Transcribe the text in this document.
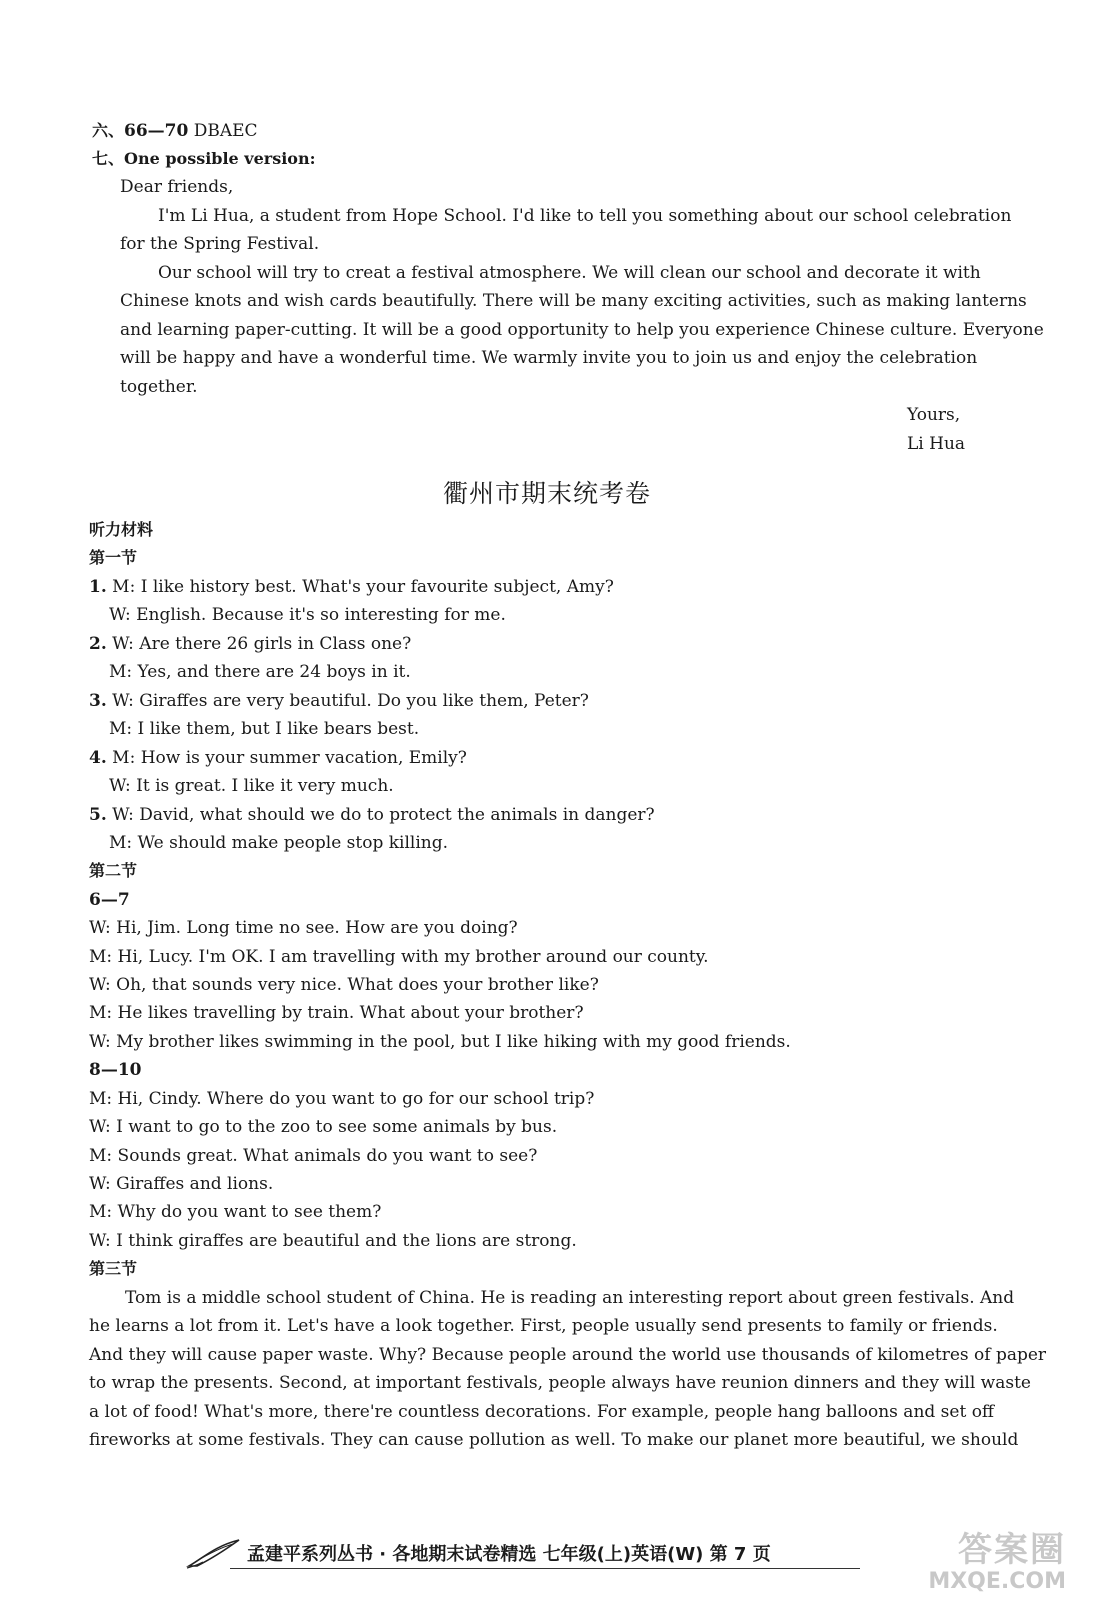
六、66—70 DBAEC
七、One possible version:
Dear friends,
I'm Li Hua, a student from Hope School. I'd like to tell you something about our school celebration
for the Spring Festival.
Our school will try to creat a festival atmosphere. We will clean our school and decorate it with
Chinese knots and wish cards beautifully. There will be many exciting activities, such as making lanterns
and learning paper-cutting. It will be a good opportunity to help you experience Chinese culture. Everyone
will be happy and have a wonderful time. We warmly invite you to join us and enjoy the celebration
together.
Yours,
Li Hua
衢州市期末统考卷
听力材料
第一节
1. M: I like history best. What's your favourite subject, Amy?
W: English. Because it's so interesting for me.
2. W: Are there 26 girls in Class one?
M: Yes, and there are 24 boys in it.
3. W: Giraffes are very beautiful. Do you like them, Peter?
M: I like them, but I like bears best.
4. M: How is your summer vacation, Emily?
W: It is great. I like it very much.
5. W: David, what should we do to protect the animals in danger?
M: We should make people stop killing.
第二节
6—7
W: Hi, Jim. Long time no see. How are you doing?
M: Hi, Lucy. I'm OK. I am travelling with my brother around our county.
W: Oh, that sounds very nice. What does your brother like?
M: He likes travelling by train. What about your brother?
W: My brother likes swimming in the pool, but I like hiking with my good friends.
8—10
M: Hi, Cindy. Where do you want to go for our school trip?
W: I want to go to the zoo to see some animals by bus.
M: Sounds great. What animals do you want to see?
W: Giraffes and lions.
M: Why do you want to see them?
W: I think giraffes are beautiful and the lions are strong.
第三节
Tom is a middle school student of China. He is reading an interesting report about green festivals. And
he learns a lot from it. Let's have a look together. First, people usually send presents to family or friends.
And they will cause paper waste. Why? Because people around the world use thousands of kilometres of paper
to wrap the presents. Second, at important festivals, people always have reunion dinners and they will waste
a lot of food! What's more, there're countless decorations. For example, people hang balloons and set off
fireworks at some festivals. They can cause pollution as well. To make our planet more beautiful, we should
孟建平系列丛书 · 各地期末试卷精选 七年级(上)英语(W) 第 7 页	答案圈
MXQE.COM
